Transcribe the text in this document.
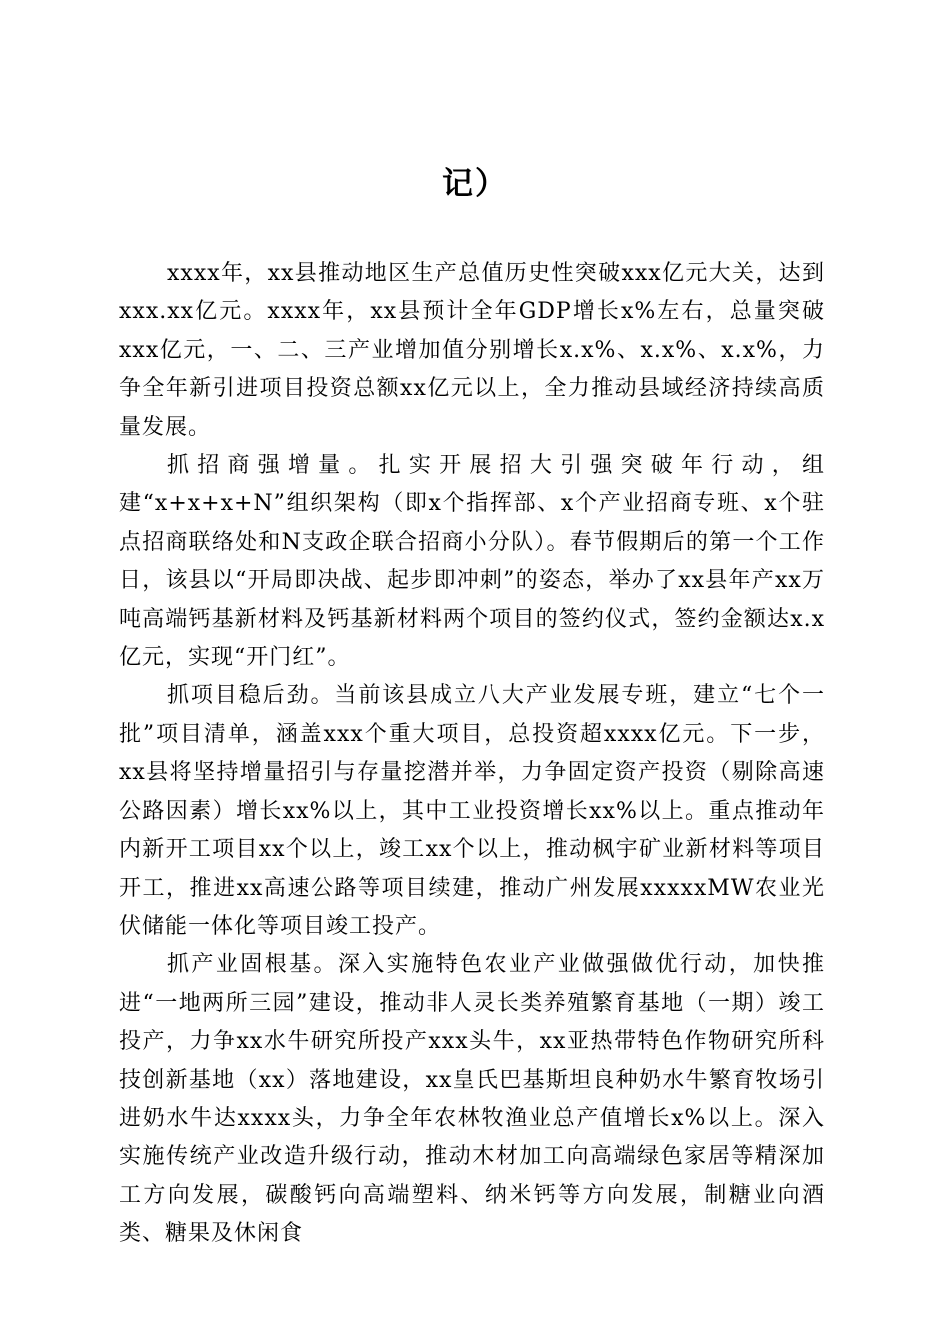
记）

xxxx年，xx县推动地区生产总值历史性突破xxx亿元大关，达到xxx.xx亿元。xxxx年，xx县预计全年GDP增长x%左右，总量突破xxx亿元，一、二、三产业增加值分别增长x.x%、x.x%、x.x%，力争全年新引进项目投资总额xx亿元以上，全力推动县域经济持续高质量发展。

抓招商强增量。扎实开展招大引强突破年行动，组建“x+x+x+N”组织架构（即x个指挥部、x个产业招商专班、x个驻点招商联络处和N支政企联合招商小分队）。春节假期后的第一个工作日，该县以“开局即决战、起步即冲刺”的姿态，举办了xx县年产xx万吨高端钙基新材料及钙基新材料两个项目的签约仪式，签约金额达x.x亿元，实现“开门红”。

抓项目稳后劲。当前该县成立八大产业发展专班，建立“七个一批”项目清单，涵盖xxx个重大项目，总投资超xxxx亿元。下一步，xx县将坚持增量招引与存量挖潜并举，力争固定资产投资（剔除高速公路因素）增长xx%以上，其中工业投资增长xx%以上。重点推动年内新开工项目xx个以上，竣工xx个以上，推动枫宇矿业新材料等项目开工，推进xx高速公路等项目续建，推动广州发展xxxxxMW农业光伏储能一体化等项目竣工投产。

抓产业固根基。深入实施特色农业产业做强做优行动，加快推进“一地两所三园”建设，推动非人灵长类养殖繁育基地（一期）竣工投产，力争xx水牛研究所投产xxx头牛，xx亚热带特色作物研究所科技创新基地（xx）落地建设，xx皇氏巴基斯坦良种奶水牛繁育牧场引进奶水牛达xxxx头，力争全年农林牧渔业总产值增长x%以上。深入实施传统产业改造升级行动，推动木材加工向高端绿色家居等精深加工方向发展，碳酸钙向高端塑料、纳米钙等方向发展，制糖业向酒类、糖果及休闲食
